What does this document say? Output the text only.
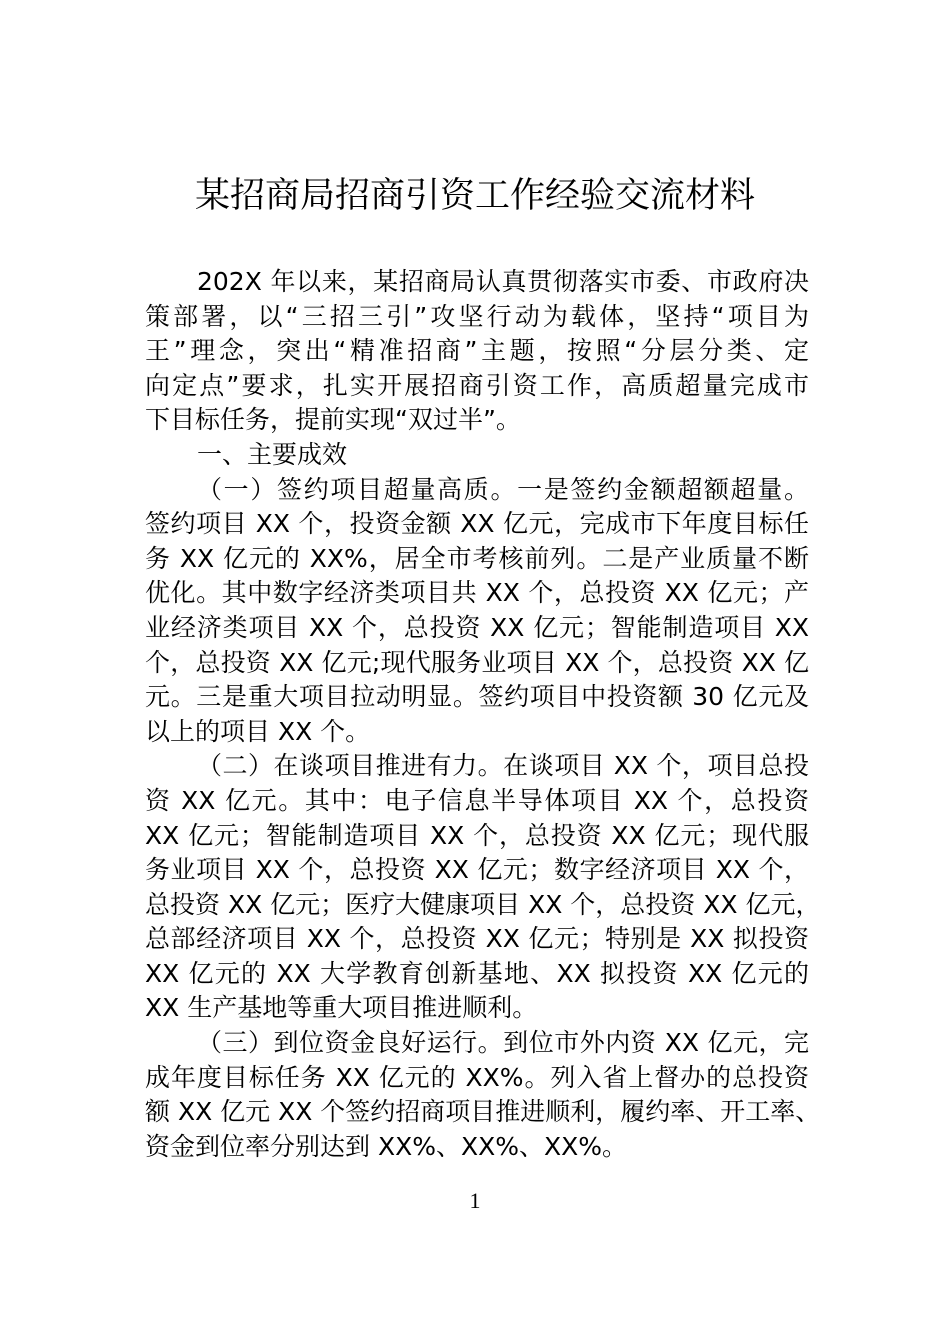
某招商局招商引资工作经验交流材料
202X 年以来，某招商局认真贯彻落实市委、市政府决
策部署，以“三招三引”攻坚行动为载体，坚持“项目为
王”理念，突出“精准招商”主题，按照“分层分类、定
向定点”要求，扎实开展招商引资工作，高质超量完成市
下目标任务，提前实现“双过半”。
一、主要成效
（一）签约项目超量高质。一是签约金额超额超量。
签约项目 XX 个，投资金额 XX 亿元，完成市下年度目标任
务 XX 亿元的 XX%，居全市考核前列。二是产业质量不断
优化。其中数字经济类项目共 XX 个，总投资 XX 亿元；产
业经济类项目 XX 个，总投资 XX 亿元；智能制造项目 XX
个，总投资 XX 亿元;现代服务业项目 XX 个，总投资 XX 亿
元。三是重大项目拉动明显。签约项目中投资额 30 亿元及
以上的项目 XX 个。
（二）在谈项目推进有力。在谈项目 XX 个，项目总投
资 XX 亿元。其中：电子信息半导体项目 XX 个，总投资
XX 亿元；智能制造项目 XX 个，总投资 XX 亿元；现代服
务业项目 XX 个，总投资 XX 亿元；数字经济项目 XX 个，
总投资 XX 亿元；医疗大健康项目 XX 个，总投资 XX 亿元，
总部经济项目 XX 个，总投资 XX 亿元；特别是 XX 拟投资
XX 亿元的 XX 大学教育创新基地、XX 拟投资 XX 亿元的
XX 生产基地等重大项目推进顺利。
（三）到位资金良好运行。到位市外内资 XX 亿元，完
成年度目标任务 XX 亿元的 XX%。列入省上督办的总投资
额 XX 亿元 XX 个签约招商项目推进顺利，履约率、开工率、
资金到位率分别达到 XX%、XX%、XX%。
1
